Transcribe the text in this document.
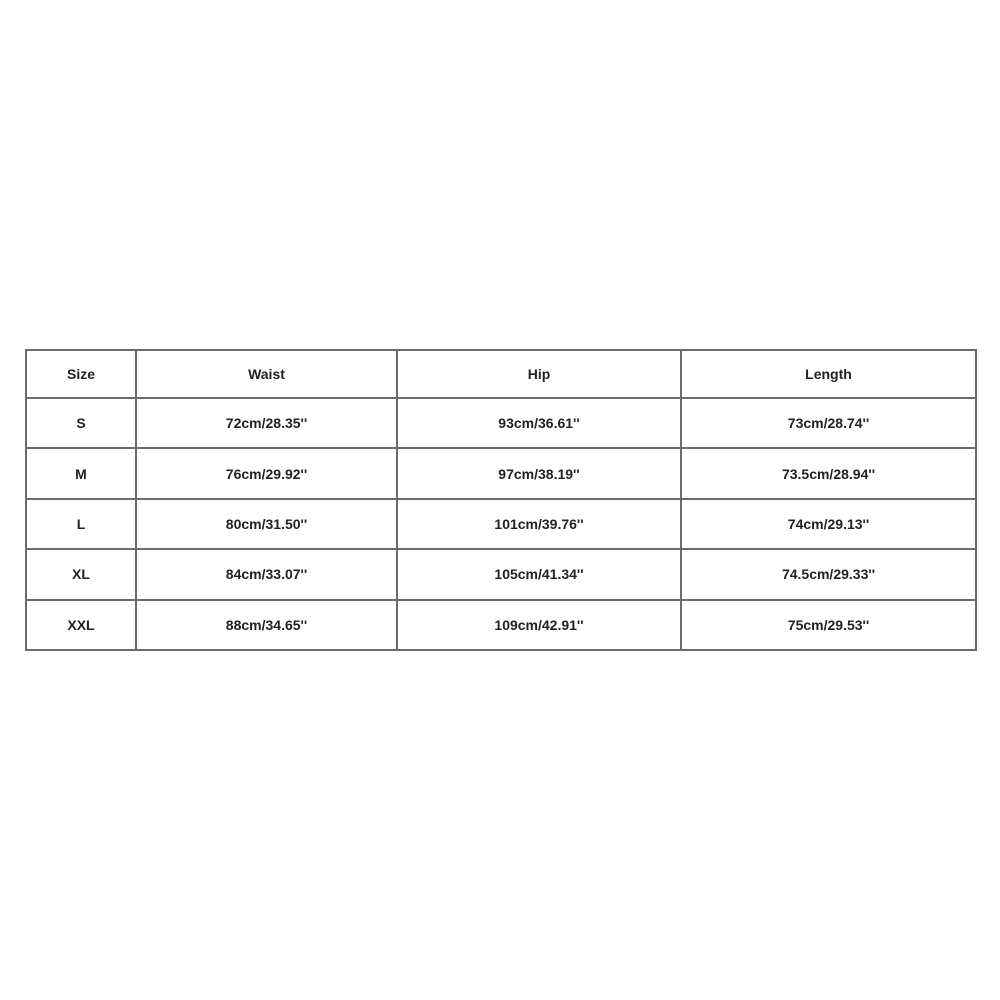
Size	Waist	Hip	Length
S	72cm/28.35''	93cm/36.61''	73cm/28.74''
M	76cm/29.92''	97cm/38.19''	73.5cm/28.94''
L	80cm/31.50''	101cm/39.76''	74cm/29.13''
XL	84cm/33.07''	105cm/41.34''	74.5cm/29.33''
XXL	88cm/34.65''	109cm/42.91''	75cm/29.53''
